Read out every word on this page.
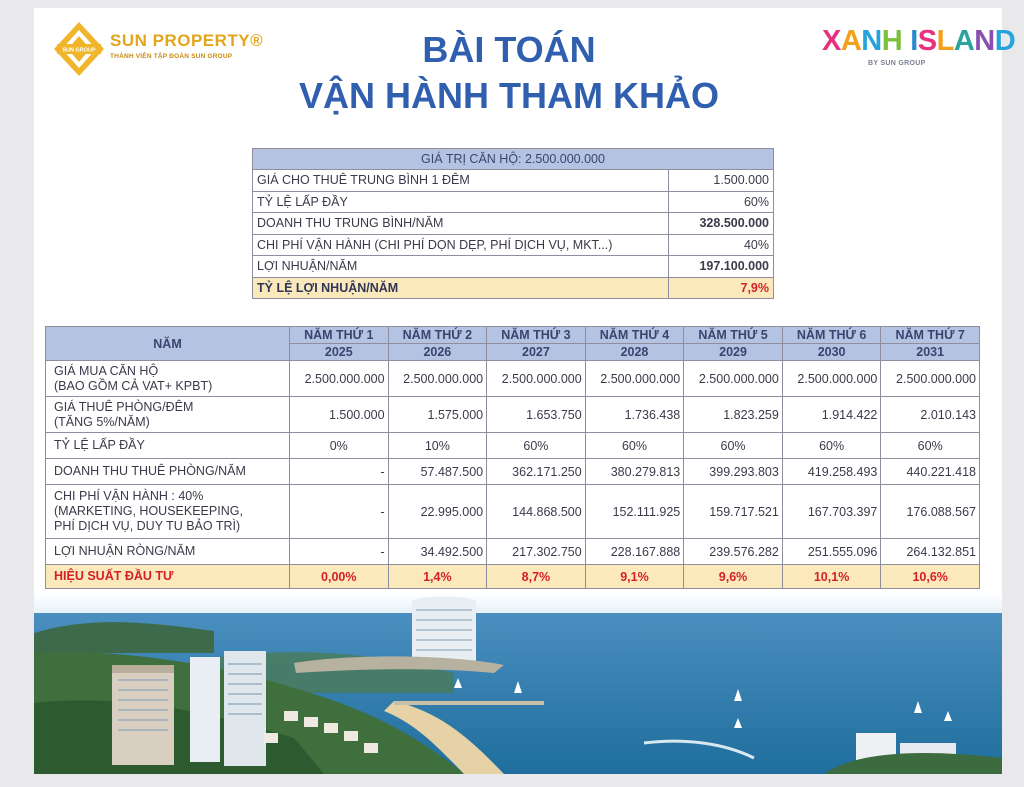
SUN GROUP
SUN PROPERTY®
THÀNH VIÊN TẬP ĐOÀN SUN GROUP	BÀI TOÁN
VẬN HÀNH THAM KHẢO
XANH ISLAND
BY SUN GROUP
GIÁ TRỊ CĂN HỘ: 2.500.000.000	
GIÁ CHO THUÊ TRUNG BÌNH 1 ĐÊM	1.500.000
TỶ LỆ LẤP ĐẦY	60%
DOANH THU TRUNG BÌNH/NĂM	328.500.000
CHI PHÍ VẬN HÀNH (CHI PHÍ DỌN DẸP, PHÍ DỊCH VỤ, MKT...)	40%
LỢI NHUẬN/NĂM	197.100.000
TỶ LỆ LỢI NHUẬN/NĂM	7,9%
NĂM	NĂM THỨ 1	NĂM THỨ 2	NĂM THỨ 3	NĂM THỨ 4	NĂM THỨ 5	NĂM THỨ 6	NĂM THỨ 7
	2025	2026	2027	2028	2029	2030	2031
GIÁ MUA CĂN HỘ
(BAO GỒM CẢ VAT+ KPBT)	2.500.000.000	2.500.000.000	2.500.000.000	2.500.000.000	2.500.000.000	2.500.000.000	2.500.000.000
GIÁ THUÊ PHÒNG/ĐÊM
(TĂNG 5%/NĂM)	1.500.000	1.575.000	1.653.750	1.736.438	1.823.259	1.914.422	2.010.143
TỶ LỆ LẤP ĐẦY	0%	10%	60%	60%	60%	60%	60%
DOANH THU THUÊ PHÒNG/NĂM	-	57.487.500	362.171.250	380.279.813	399.293.803	419.258.493	440.221.418
CHI PHÍ VẬN HÀNH : 40%
(MARKETING, HOUSEKEEPING,
PHÍ DỊCH VỤ, DUY TU BẢO TRÌ)	-	22.995.000	144.868.500	152.111.925	159.717.521	167.703.397	176.088.567
LỢI NHUẬN RÒNG/NĂM	-	34.492.500	217.302.750	228.167.888	239.576.282	251.555.096	264.132.851
HIỆU SUẤT ĐẦU TƯ	0,00%	1,4%	8,7%	9,1%	9,6%	10,1%	10,6%
